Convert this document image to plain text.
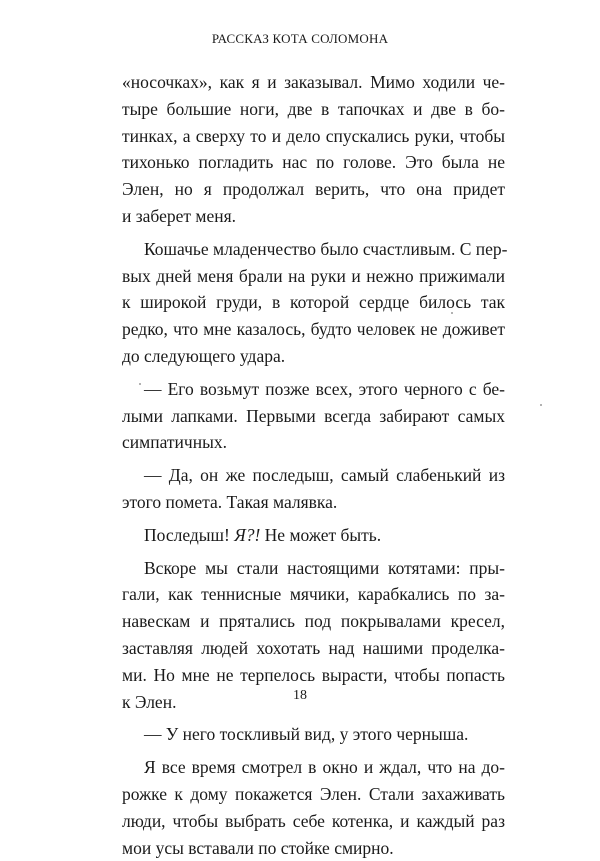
РАССКАЗ КОТА СОЛОМОНА
«носочках», как я и заказывал. Мимо ходили че-
тыре большие ноги, две в тапочках и две в бо-
тинках, а сверху то и дело спускались руки, чтобы
тихонько погладить нас по голове. Это была не
Элен, но я продолжал верить, что она придет
и заберет меня.
Кошачье младенчество было счастливым. С пер-
вых дней меня брали на руки и нежно прижимали
к широкой груди, в которой сердце билось так
редко, что мне казалось, будто человек не доживет
до следующего удара.
— Его возьмут позже всех, этого черного с бе-
лыми лапками. Первыми всегда забирают самых
симпатичных.
— Да, он же последыш, самый слабенький из
этого помета. Такая малявка.
Последыш! Я?! Не может быть.
Вскоре мы стали настоящими котятами: пры-
гали, как теннисные мячики, карабкались по за-
навескам и прятались под покрывалами кресел,
заставляя людей хохотать над нашими проделка-
ми. Но мне не терпелось вырасти, чтобы попасть
к Элен.
— У него тоскливый вид, у этого черныша.
Я все время смотрел в окно и ждал, что на до-
рожке к дому покажется Элен. Стали захаживать
люди, чтобы выбрать себе котенка, и каждый раз
мои усы вставали по стойке смирно.
18
